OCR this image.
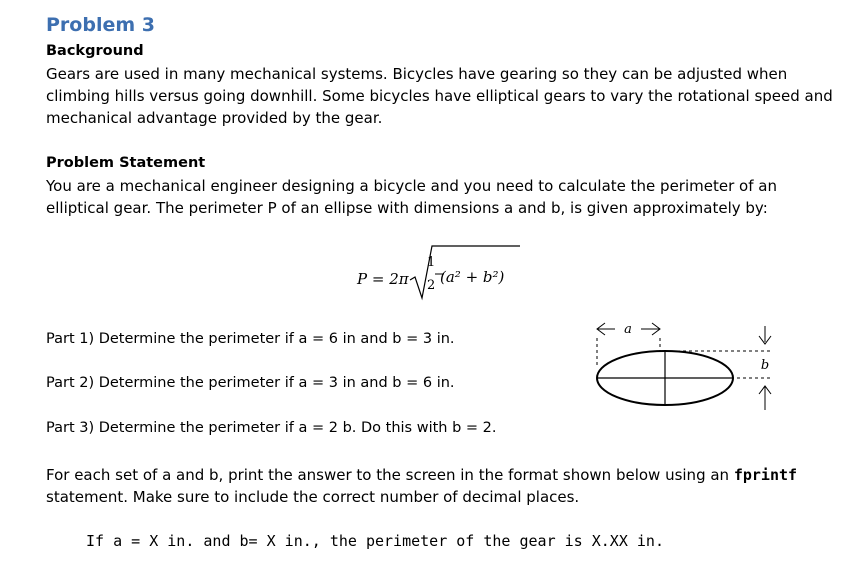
Problem 3
Background
Gears are used in many mechanical systems. Bicycles have gearing so they can be adjusted when climbing hills versus going downhill. Some bicycles have elliptical gears to vary the rotational speed and mechanical advantage provided by the gear.
Problem Statement
You are a mechanical engineer designing a bicycle and you need to calculate the perimeter of an elliptical gear. The perimeter P of an ellipse with dimensions a and b, is given approximately by:
P = 2π
1
2 (a² + b²)
Part 1) Determine the perimeter if a = 6 in and b = 3 in.
Part 2) Determine the perimeter if a = 3 in and b = 6 in.
Part 3) Determine the perimeter if a = 2 b. Do this with b = 2.
a
b
For each set of a and b, print the answer to the screen in the format shown below using an fprintf statement. Make sure to include the correct number of decimal places.
If a = X in. and b= X in., the perimeter of the gear is X.XX in.
